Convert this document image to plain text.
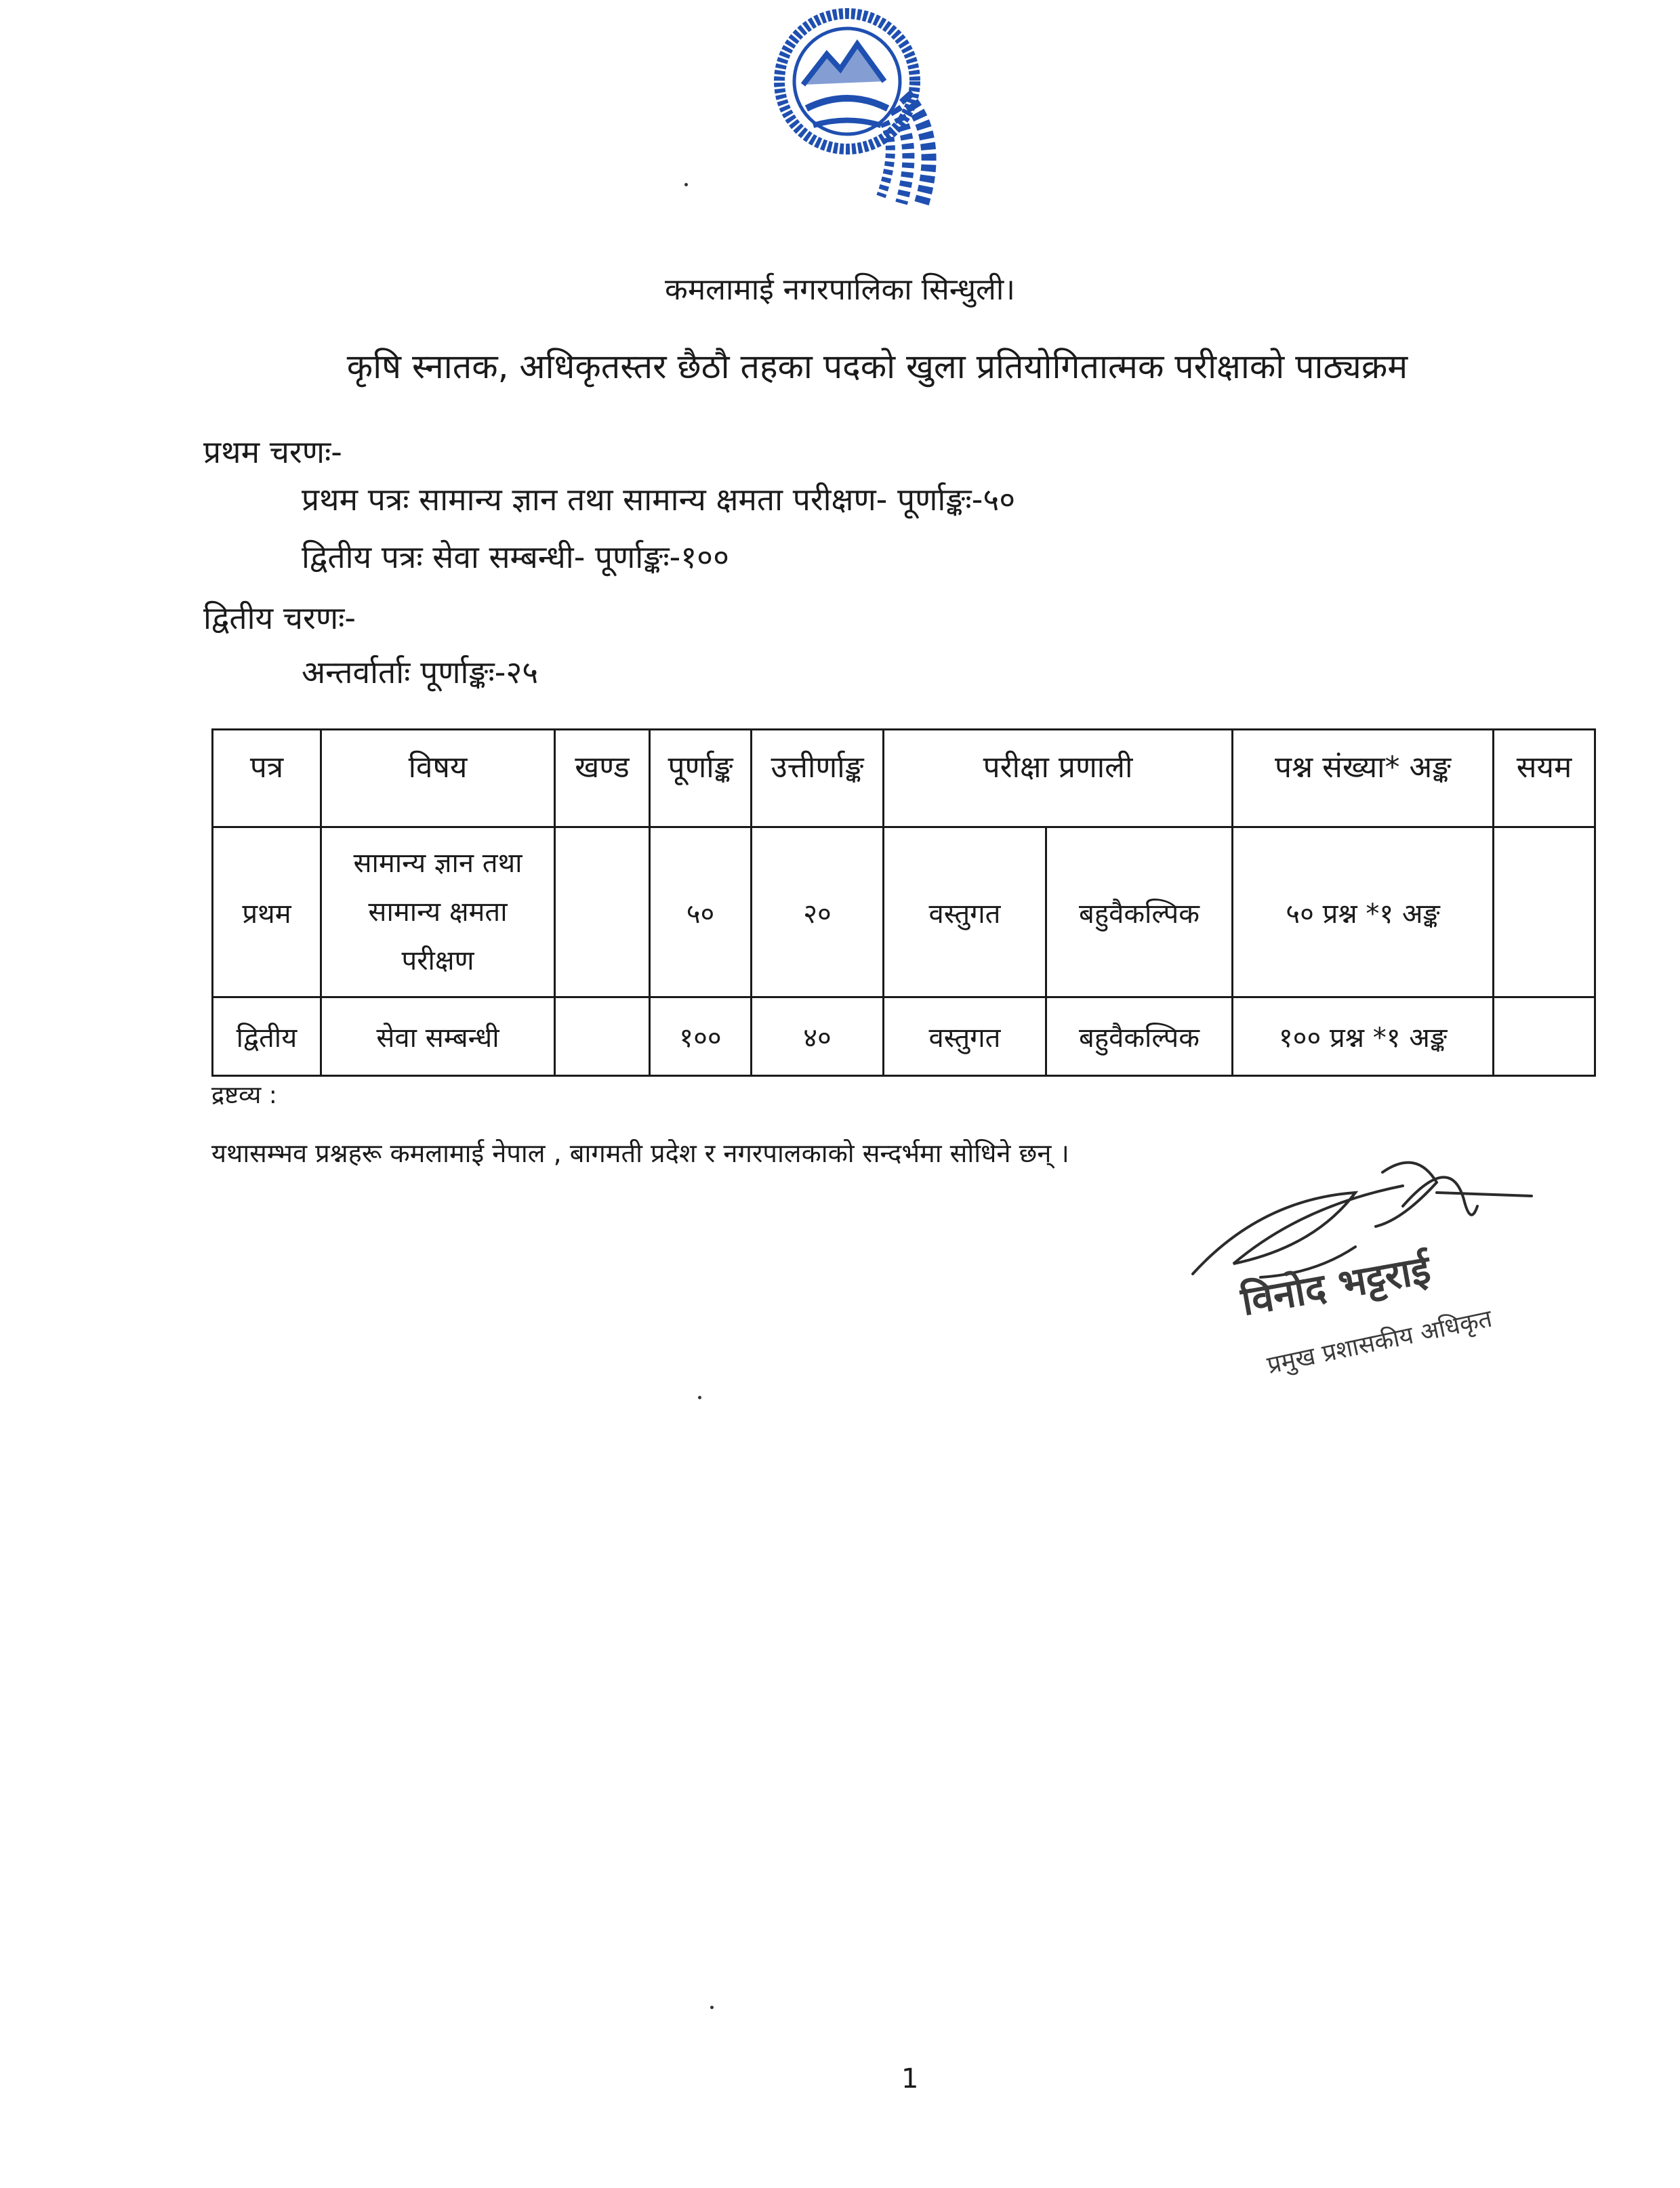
कमलामाई नगरपालिका सिन्धुली।
कृषि स्नातक, अधिकृतस्तर छैठौ तहका पदको खुला प्रतियोगितात्मक परीक्षाको पाठ्यक्रम
प्रथम चरणः-
प्रथम पत्रः सामान्य ज्ञान तथा सामान्य क्षमता परीक्षण- पूर्णाङ्कः-५०
द्वितीय पत्रः सेवा सम्बन्धी- पूर्णाङ्कः-१००
द्वितीय चरणः-
अन्तर्वार्ताः पूर्णाङ्कः-२५
पत्र	विषय	खण्ड	पूर्णाङ्क	उत्तीर्णाङ्क	परीक्षा प्रणाली		पश्न संख्या* अङ्क	सयम
प्रथम	सामान्य ज्ञान तथा
सामान्य क्षमता
परीक्षण		५०	२०	वस्तुगत	बहुवैकल्पिक	५० प्रश्न *१ अङ्क	
द्वितीय	सेवा सम्बन्धी		१००	४०	वस्तुगत	बहुवैकल्पिक	१०० प्रश्न *१ अङ्क	
द्रष्टव्य :
यथासम्भव प्रश्नहरू कमलामाई नेपाल , बागमती प्रदेश र नगरपालकाको सन्दर्भमा सोधिने छन् ।
विनोद भट्टराई
प्रमुख प्रशासकीय अधिकृत
1
